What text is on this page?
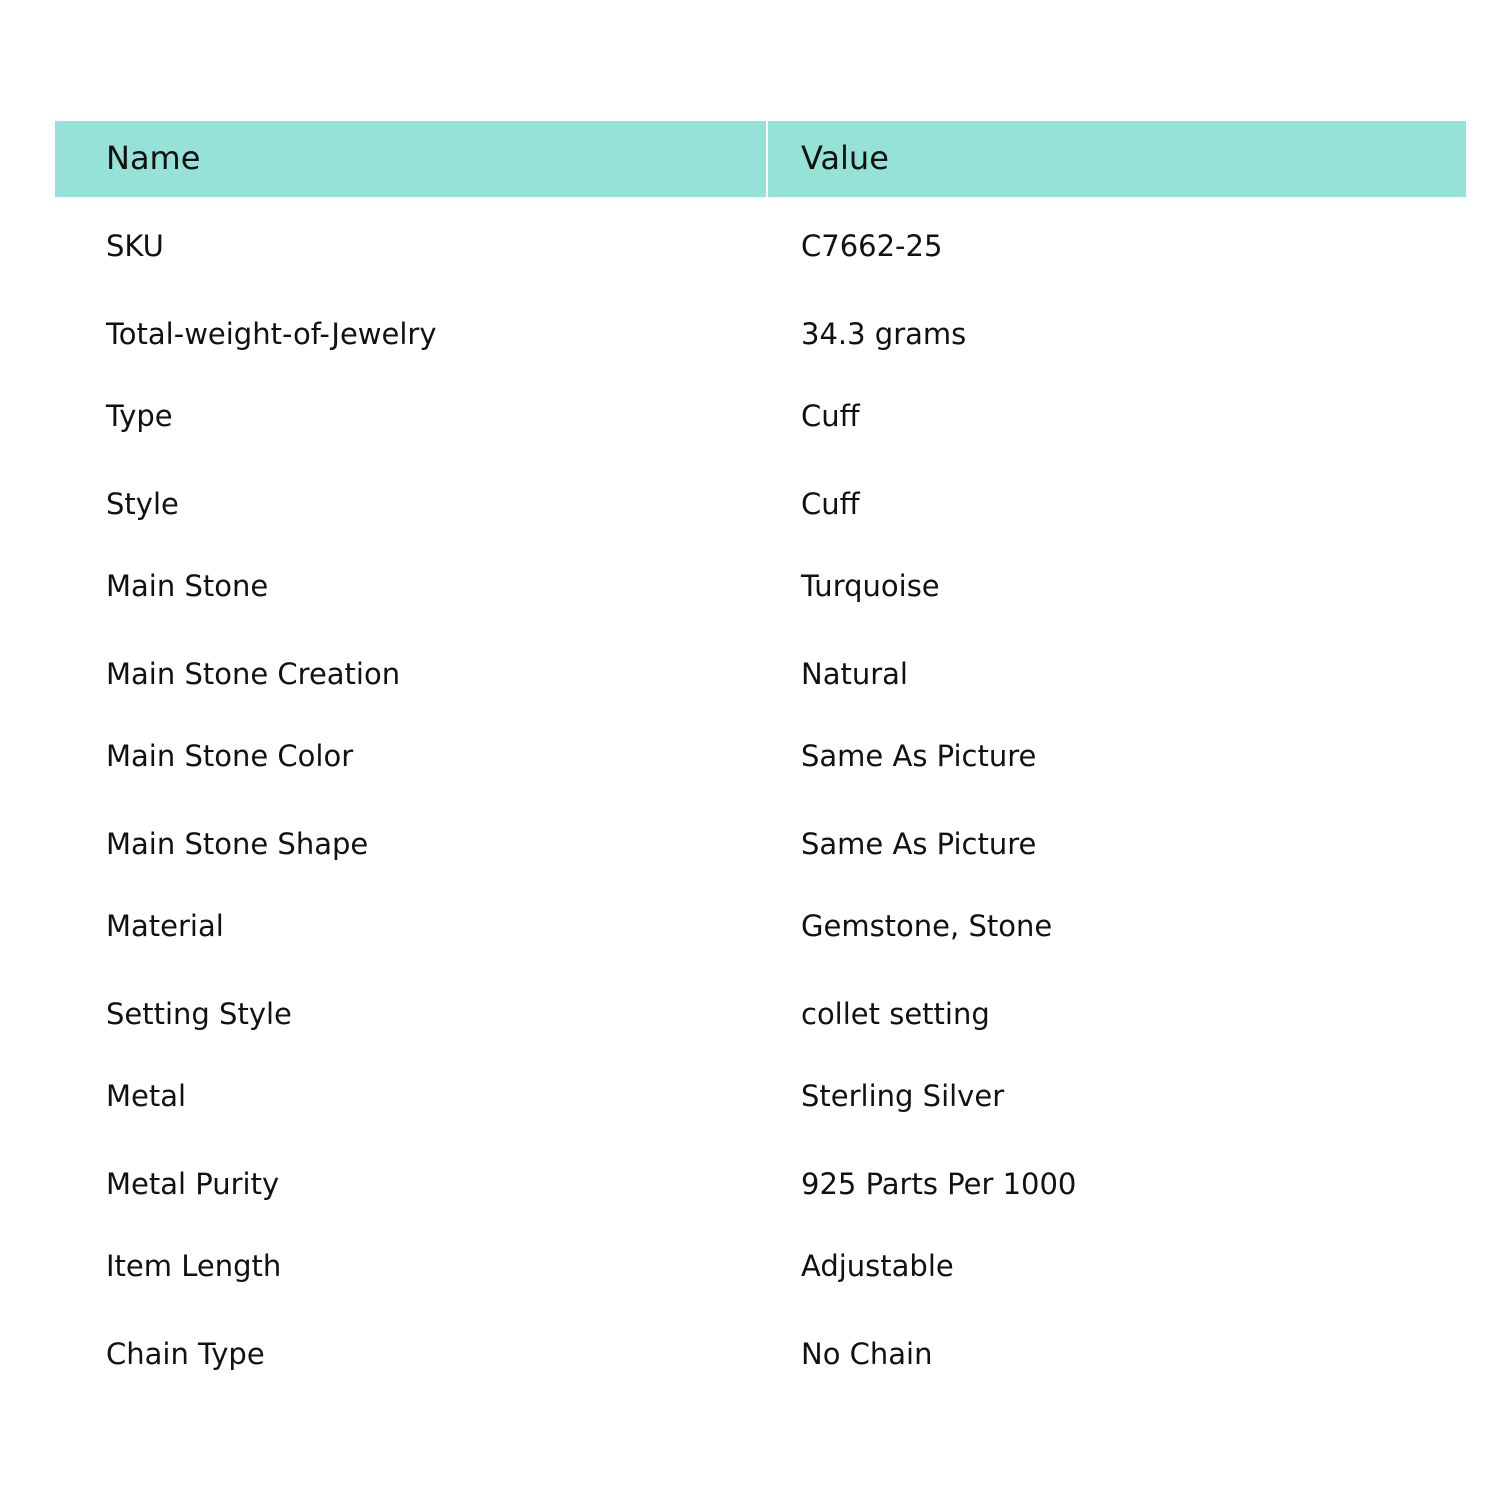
Name	Value
SKU	C7662-25
Total-weight-of-Jewelry	34.3 grams
Type	Cuff
Style	Cuff
Main Stone	Turquoise
Main Stone Creation	Natural
Main Stone Color	Same As Picture
Main Stone Shape	Same As Picture
Material	Gemstone, Stone
Setting Style	collet setting
Metal	Sterling Silver
Metal Purity	925 Parts Per 1000
Item Length	Adjustable
Chain Type	No Chain
